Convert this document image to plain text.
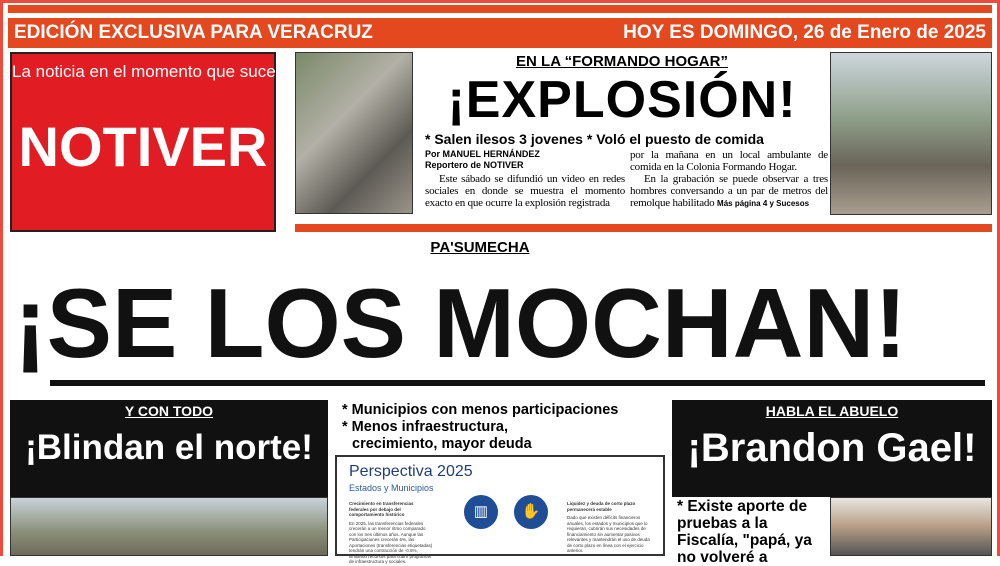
EDICIÓN EXCLUSIVA PARA VERACRUZ	HOY ES DOMINGO, 26 de Enero de 2025
La noticia en el momento que sucede
NOTIVER
EN LA “FORMANDO HOGAR”
¡EXPLOSIÓN!
* Salen ilesos 3 jovenes * Voló el puesto de comida
Por MANUEL HERNÁNDEZ
Reportero de NOTIVER
Este sábado se difundió un video en redes sociales en donde se muestra el momento exacto en que ocurre la explosión registrada
por la mañana en un local ambulante de comida en la Colonia Formando Hogar.
En la grabación se puede observar a tres hombres conversando a un par de metros del remolque habilitado Más página 4 y Sucesos
PA'SUMECHA
¡SE LOS MOCHAN!
Y CON TODO
¡Blindan el norte!
* Municipios con menos participaciones
* Menos infraestructura,
crecimiento, mayor deuda
Perspectiva 2025
Estados y Municipios
Crecimiento en transferencias federales por debajo del comportamiento histórico
En 2025, las transferencias federales crecerán a un menor ritmo comparado con los tres últimos años. Aunque las Participaciones crecerán 6%, las Aportaciones (transferencias etiquetadas) tendrán una contracción de -0.5%, limitando recursos para cubrir programas de infraestructura y sociales.
▥	✋	Liquidez y deuda de corto plazo permanecerá estable
Dado que existen déficits financieros anuales, los estados y municipios que lo requieran, cubrirán sus necesidades de financiamiento sin aumentar pasivos relevantes y mantendrán el uso de deuda de corto plazo en línea con el ejercicio anterior.
HABLA EL ABUELO
¡Brandon Gael!
* Existe aporte de pruebas a la Fiscalía, "papá, ya no volveré a
